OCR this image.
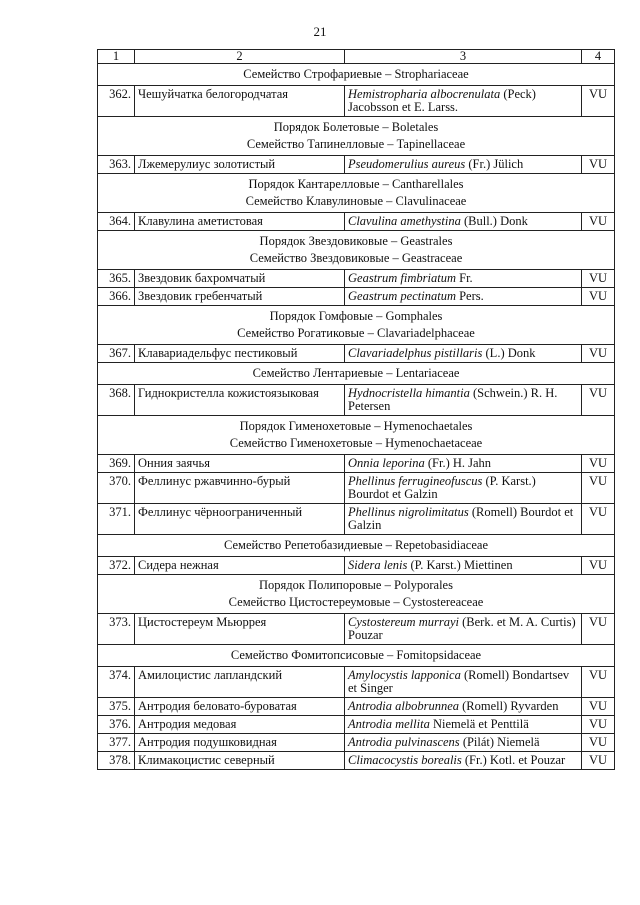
21
1	2	3	4

Семейство Строфариевые – Strophariaceae			

362.	Чешуйчатка белогородчатая	Hemistropharia albocrenulata (Peck) Jacobsson et E. Larss.	VU

Порядок Болетовые – Boletales
Семейство Тапинелловые – Tapinellaceae			

363.	Лжемерулиус золотистый	Pseudomerulius aureus (Fr.) Jülich	VU

Порядок Кантарелловые – Cantharellales
Семейство Клавулиновые – Clavulinaceae			

364.	Клавулина аметистовая	Clavulina amethystina (Bull.) Donk	VU

Порядок Звездовиковые – Geastrales
Семейство Звездовиковые – Geastraceae			

365.	Звездовик бахромчатый	Geastrum fimbriatum Fr.	VU
366.	Звездовик гребенчатый	Geastrum pectinatum Pers.	VU

Порядок Гомфовые – Gomphales
Семейство Рогатиковые – Clavariadelphaceae			

367.	Клавариадельфус пестиковый	Clavariadelphus pistillaris (L.) Donk	VU

Семейство Лентариевые – Lentariaceae			

368.	Гиднокристелла кожистоязыковая	Hydnocristella himantia (Schwein.) R. H. Petersen	VU

Порядок Гименохетовые – Hymenochaetales
Семейство Гименохетовые – Hymenochaetaceae			

369.	Онния заячья	Onnia leporina (Fr.) H. Jahn	VU
370.	Феллинус ржавчинно-бурый	Phellinus ferrugineofuscus (P. Karst.) Bourdot et Galzin	VU
371.	Феллинус чёрноограниченный	Phellinus nigrolimitatus (Romell) Bourdot et Galzin	VU

Семейство Репетобазидиевые – Repetobasidiaceae			

372.	Сидера нежная	Sidera lenis (P. Karst.) Miettinen	VU

Порядок Полипоровые – Polyporales
Семейство Цистостереумовые – Cystostereaceae			

373.	Цистостереум Мьюррея	Cystostereum murrayi (Berk. et M. A. Curtis) Pouzar	VU

Семейство Фомитопсисовые – Fomitopsidaceae			

374.	Амилоцистис лапландский	Amylocystis lapponica (Romell) Bondartsev et Singer	VU
375.	Антродия беловато-буроватая	Antrodia albobrunnea (Romell) Ryvarden	VU
376.	Антродия медовая	Antrodia mellita Niemelä et Penttilä	VU
377.	Антродия подушковидная	Antrodia pulvinascens (Pilát) Niemelä	VU
378.	Климакоцистис северный	Climacocystis borealis (Fr.) Kotl. et Pouzar	VU
